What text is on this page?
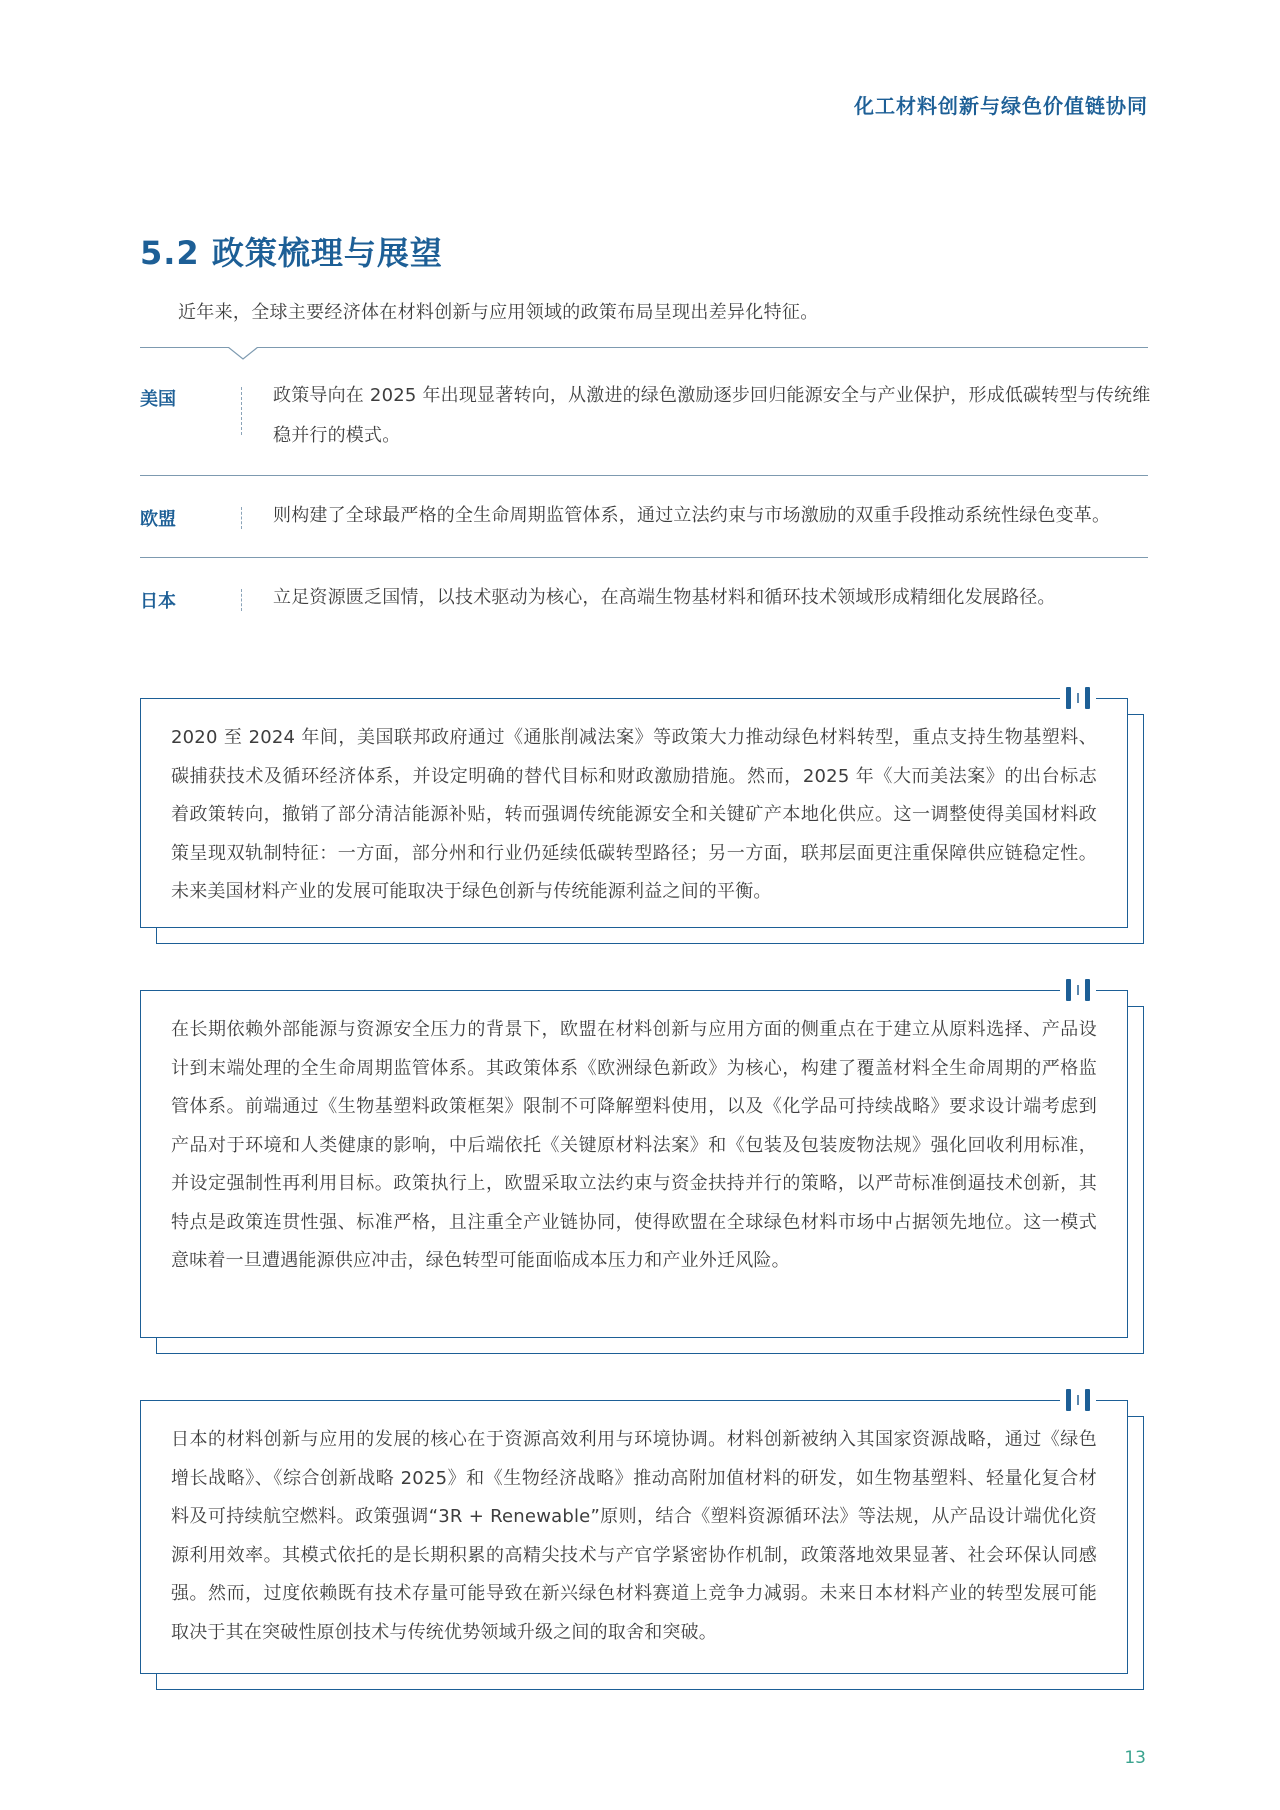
化工材料创新与绿色价值链协同
5.2 政策梳理与展望

近年来，全球主要经济体在材料创新与应用领域的政策布局呈现出差异化特征。

美国	政策导向在 2025 年出现显著转向，从激进的绿色激励逐步回归能源安全与产业保护，形成低碳转型与传统维稳并行的模式。

欧盟	则构建了全球最严格的全生命周期监管体系，通过立法约束与市场激励的双重手段推动系统性绿色变革。

日本	立足资源匮乏国情，以技术驱动为核心，在高端生物基材料和循环技术领域形成精细化发展路径。

2020 至 2024 年间，美国联邦政府通过《通胀削减法案》等政策大力推动绿色材料转型，重点支持生物基塑料、碳捕获技术及循环经济体系，并设定明确的替代目标和财政激励措施。然而，2025 年《大而美法案》的出台标志着政策转向，撤销了部分清洁能源补贴，转而强调传统能源安全和关键矿产本地化供应。这一调整使得美国材料政策呈现双轨制特征：一方面，部分州和行业仍延续低碳转型路径；另一方面，联邦层面更注重保障供应链稳定性。未来美国材料产业的发展可能取决于绿色创新与传统能源利益之间的平衡。

在长期依赖外部能源与资源安全压力的背景下，欧盟在材料创新与应用方面的侧重点在于建立从原料选择、产品设计到末端处理的全生命周期监管体系。其政策体系《欧洲绿色新政》为核心，构建了覆盖材料全生命周期的严格监管体系。前端通过《生物基塑料政策框架》限制不可降解塑料使用，以及《化学品可持续战略》要求设计端考虑到产品对于环境和人类健康的影响，中后端依托《关键原材料法案》和《包装及包装废物法规》强化回收利用标准，并设定强制性再利用目标。政策执行上，欧盟采取立法约束与资金扶持并行的策略，以严苛标准倒逼技术创新，其特点是政策连贯性强、标准严格，且注重全产业链协同，使得欧盟在全球绿色材料市场中占据领先地位。这一模式意味着一旦遭遇能源供应冲击，绿色转型可能面临成本压力和产业外迁风险。

日本的材料创新与应用的发展的核心在于资源高效利用与环境协调。材料创新被纳入其国家资源战略，通过《绿色增长战略》、《综合创新战略 2025》和《生物经济战略》推动高附加值材料的研发，如生物基塑料、轻量化复合材料及可持续航空燃料。政策强调“3R + Renewable”原则，结合《塑料资源循环法》等法规，从产品设计端优化资源利用效率。其模式依托的是长期积累的高精尖技术与产官学紧密协作机制，政策落地效果显著、社会环保认同感强。然而，过度依赖既有技术存量可能导致在新兴绿色材料赛道上竞争力减弱。未来日本材料产业的转型发展可能取决于其在突破性原创技术与传统优势领域升级之间的取舍和突破。

13
